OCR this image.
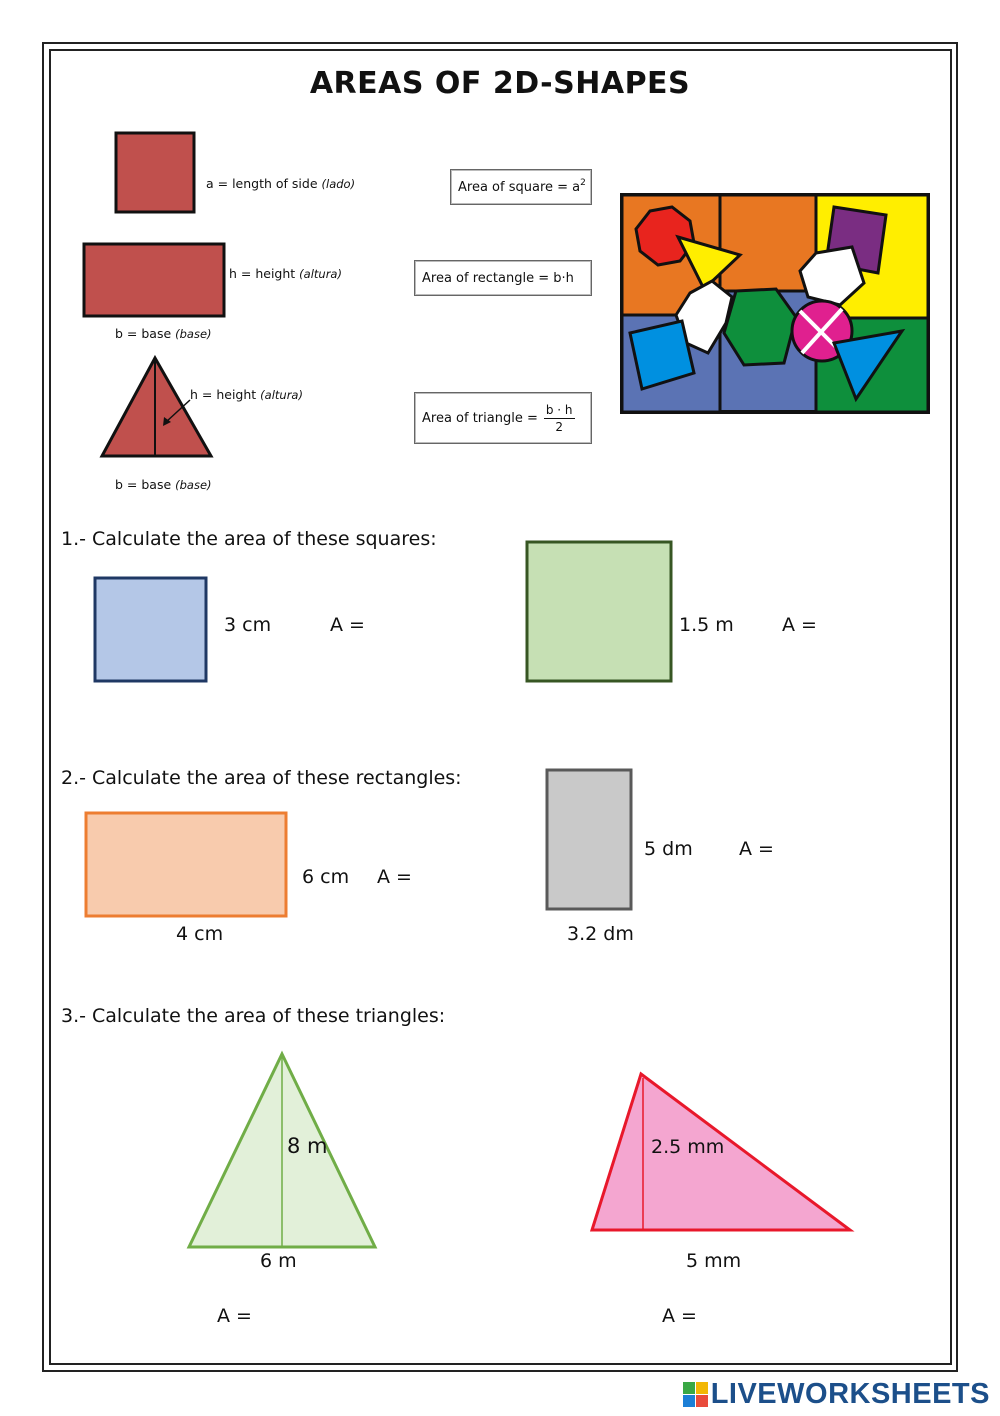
AREAS OF 2D-SHAPES
a = length of side (lado)
h = height (altura)
b = base (base)
h = height (altura)
b = base (base)
Area of square = $a^2$
Area of rectangle = b·h
Area of triangle = $\frac{b \cdot h}{2}$
1.- Calculate the area of these squares:
3 cm	A =	1.5 m	A =
2.- Calculate the area of these rectangles:
6 cm A =
4 cm
5 dm A =
3.2 dm
3.- Calculate the area of these triangles:
8 m
6 m
A =
2.5 mm
5 mm
A =
LIVEWORKSHEETS
